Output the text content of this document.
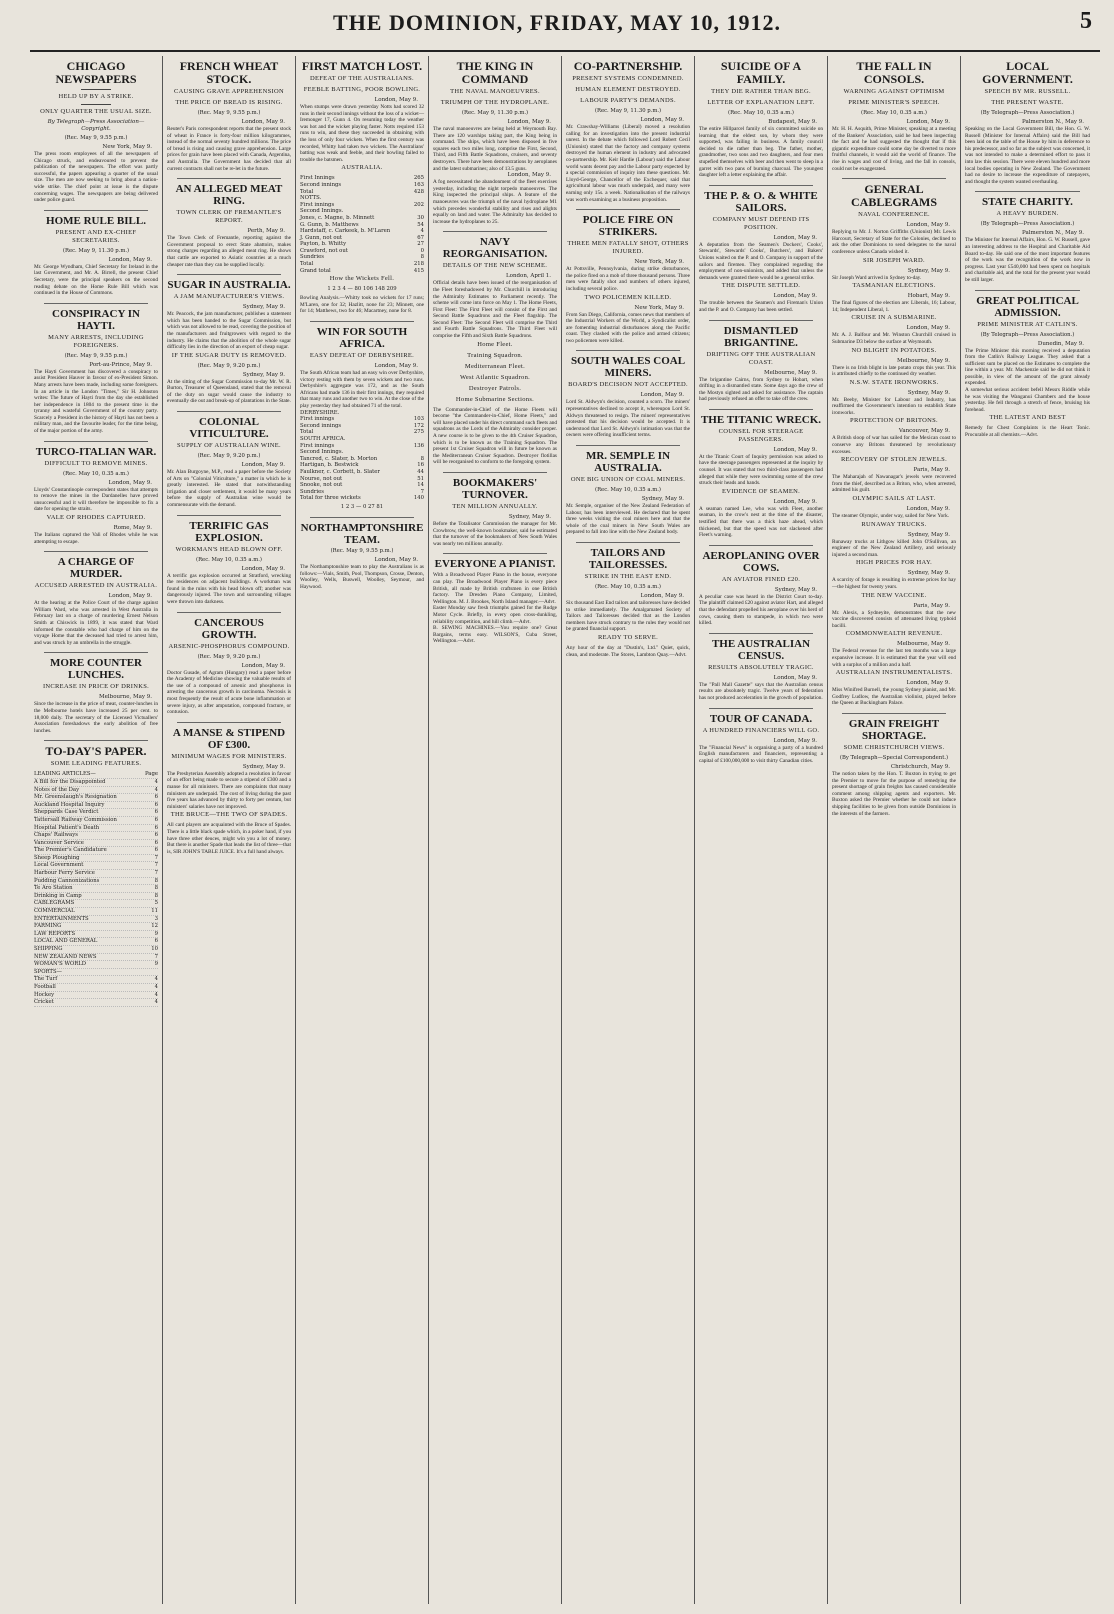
THE DOMINION, FRIDAY, MAY 10, 1912.	5
CHICAGO NEWSPAPERS
HELD UP BY A STRIKE.
ONLY QUARTER THE USUAL SIZE.
By Telegraph—Press Association—Copyright.
(Rec. May 9, 9.55 p.m.)
New York, May 9.

The press room employees of all the newspapers of Chicago struck, and endeavoured to prevent the publication of the newspapers. The effort was partly successful, the papers appearing a quarter of the usual size. The men are now seeking to bring about a nation-wide strike. The chief point at issue is the dispute concerning wages. The newspapers are being delivered under police guard.

HOME RULE BILL.
PRESENT AND EX-CHIEF SECRETARIES.
(Rec. May 9, 11.30 p.m.)
London, May 9.

Mr. George Wyndham, Chief Secretary for Ireland in the last Government, and Mr. A. Birrell, the present Chief Secretary, were the principal speakers on the second reading debate on the Home Rule Bill which was continued in the House of Commons.

CONSPIRACY IN HAYTI.
MANY ARRESTS, INCLUDING FOREIGNERS.
(Rec. May 9, 9.55 p.m.)
Port-au-Prince, May 9.

The Hayti Government has discovered a conspiracy to assist President Hauver in favour of ex-President Simon. Many arrests have been made, including some foreigners. In an article in the London "Times," Sir H. Johnston writes: The future of Hayti from the day she established her independence in 1804 to the present time is the tyranny and wasteful Government of the country party. Scarcely a President in the history of Hayti has not been a military man, and the favourite leader, for the time being, of the major portion of the army.

TURCO-ITALIAN WAR.
DIFFICULT TO REMOVE MINES.
(Rec. May 10, 0.35 a.m.)
London, May 9.

Lloyds' Constantinople correspondent states that attempts to remove the mines in the Dardanelles have proved unsuccessful and it will therefore be impossible to fix a date for opening the straits.

VALE OF RHODES CAPTURED.
Rome, May 9.

The Italians captured the Vali of Rhodes while he was attempting to escape.

A CHARGE OF MURDER.
ACCUSED ARRESTED IN AUSTRALIA.
London, May 9.

At the hearing at the Police Court of the charge against William Ward, who was arrested in West Australia in February last on a charge of murdering Ernest Nelson Smith at Chiswick in 1899, it was stated that Ward informed the constable who had charge of him on the voyage Home that the deceased had tried to arrest him, and was struck by an umbrella in the struggle.

MORE COUNTER LUNCHES.
INCREASE IN PRICE OF DRINKS.
Melbourne, May 9.

Since the increase in the price of meat, counter-lunches in the Melbourne hotels have increased 25 per cent. to 18,000 daily. The secretary of the Licensed Victuallers' Association foreshadows the early abolition of free lunches.

TO-DAY'S PAPER.
SOME LEADING FEATURES.
LEADING ARTICLES—	Page
A Bill for the Disappointed	4
Notes of the Day	4
Mr. Greenslaugh's Resignation	6
Auckland Hospital Inquiry	6
Sheppards Case Verdict	6
Tattersall Railway Commission	6
Hospital Patient's Death	6
Chaps' Railways	6
Vancouver Service	6
The Premier's Candidature	6
Sheep Ploughing	7
Local Government	7
Harbour Ferry Service	7
Pudding Cannonizations	8
Te Aro Station	8
Drinking in Camp	8
CABLEGRAMS	5
COMMERCIAL	11
ENTERTAINMENTS	3
FARMING	12
LAW REPORTS	9
LOCAL AND GENERAL	6
SHIPPING	10
NEW ZEALAND NEWS	7
WOMAN'S WORLD	9
SPORTS—
The Turf	4
Football	4
Hockey	4
Cricket	4
FRENCH WHEAT STOCK.
CAUSING GRAVE APPREHENSION
THE PRICE OF BREAD IS RISING.
(Rec. May 9, 9.55 p.m.)
London, May 9.

Reuter's Paris correspondent reports that the present stock of wheat in France is forty-four million kilogrammes, instead of the normal seventy hundred millions. The price of bread is rising and causing grave apprehension. Large prices for grain have been placed with Canada, Argentina, and Australia. The Government has decided that all current contracts shall not be re-let in the future.

AN ALLEGED MEAT RING.
TOWN CLERK OF FREMANTLE'S REPORT.
Perth, May 9.

The Town Clerk of Fremantle, reporting against the Government proposal to erect State abattoirs, makes strong charges regarding an alleged meat ring. He shows that cattle are exported to Asiatic countries at a much cheaper rate than they can be supplied locally.

SUGAR IN AUSTRALIA.
A JAM MANUFACTURER'S VIEWS.
Sydney, May 9.

Mr. Peacock, the jam manufacturer, publishes a statement which has been handed to the Sugar Commission, but which was not allowed to be read, covering the position of the manufacturers and fruitgrowers with regard to the industry. He claims that the abolition of the whole sugar difficulty lies in the direction of an export of cheap sugar.

IF THE SUGAR DUTY IS REMOVED.
(Rec. May 9, 9.20 p.m.)
Sydney, May 9.

At the sitting of the Sugar Commission to-day Mr. W. R. Burton, Treasurer of Queensland, stated that the removal of the duty on sugar would cause the industry to eventually die out and break-up of plantations in the State.

COLONIAL VITICULTURE.
SUPPLY OF AUSTRALIAN WINE.
(Rec. May 9, 9.20 p.m.)
London, May 9.

Mr. Alan Burgoyne, M.P., read a paper before the Society of Arts on "Colonial Viticulture," a matter in which he is greatly interested. He stated that notwithstanding irrigation and closer settlement, it would be many years before the supply of Australian wine would be commensurate with the demand.

TERRIFIC GAS EXPLOSION.
WORKMAN'S HEAD BLOWN OFF.
(Rec. May 10, 0.35 a.m.)
London, May 9.

A terrific gas explosion occurred at Stratford, wrecking the residences on adjacent buildings. A workman was found in the ruins with his head blown off; another was dangerously injured. The town and surrounding villages were thrown into darkness.

CANCEROUS GROWTH.
ARSENIC-PHOSPHORUS COMPOUND.
(Rec. May 9, 9.20 p.m.)
London, May 9.

Doctor Gusade, of Agram (Hungary) read a paper before the Academy of Medicine showing the valuable results of the use of a compound of arsenic and phosphorus in arresting the cancerous growth in carcinoma. Necrosis is most frequently the result of acute bone inflammation or severe injury, as after amputation, compound fracture, or contusion.

A MANSE & STIPEND OF £300.
MINIMUM WAGES FOR MINISTERS.
Sydney, May 9.

The Presbyterian Assembly adopted a resolution in favour of an effort being made to secure a stipend of £300 and a manse for all ministers. There are complaints that many ministers are underpaid. The cost of living during the past five years has advanced by thirty to forty per centum, but ministers' salaries have not improved.

THE BRUCE—THE TWO OF SPADES.

All card players are acquainted with the Bruce of Spades. There is a little black spade which, in a poker hand, if you have three other deuces, might win you a lot of money. But there is another Spade that leads the list of three—that is, SIR JOHN'S TABLE JUICE. It's a full hand always.

FIRST MATCH LOST.
DEFEAT OF THE AUSTRALIANS.
FEEBLE BATTING, POOR BOWLING.
London, May 9.

When stumps were drawn yesterday Notts had scored 32 runs in their second innings without the loss of a wicket—Iremonger 17, Gunn 4. On resuming today the weather was hot and the wicket playing faster. Notts required 153 runs to win, and these they succeeded in obtaining with the loss of only four wickets. When the first century was recorded, Whitty had taken two wickets. The Australians' batting was weak and feeble, and their bowling failed to trouble the batsmen.

AUSTRALIA.
First Innings	265
Second innings	163
Total	428
NOTTS.	
First innings	202
Second Innings.	
Jones, c. Magne, b. Minnett	30
G. Gunn, b. Matthews	54
Hardstaff, c. Carkeek, b. M'Laren	4
J. Gunn, not out	67
Payton, b. Whitty	27
Crawford, not out	0
Sundries	8
Total	218
Grand total	415
How the Wickets Fell.
1 2 3 4 — 80 106 148 209

Bowling Analysis.—Whitty took no wickets for 17 runs; M'Laren, one for 32; Hazlitt, none for 23; Minnett, one for 14; Matthews, two for 46; Macartney, none for 8.

WIN FOR SOUTH AFRICA.
EASY DEFEAT OF DERBYSHIRE.
London, May 9.

The South African team had an easy win over Derbyshire, victory resting with them by seven wickets and two runs. Derbyshire's aggregate was 172, and as the South Africans had made 136 in their first innings, they required that many runs and another two to win. At the close of the play yesterday they had obtained 71 of the total.

DERBYSHIRE.	
First innings	103
Second innings	172
Total	275
SOUTH AFRICA.	
First innings	136
Second Innings.	
Tancred, c. Slater, b. Morton	8
Hartigan, b. Bestwick	16
Faulkner, c. Corbett, b. Slater	44
Nourse, not out	51
Snooke, not out	14
Sundries	7
Total for three wickets	140
1 2 3 — 0 27 81
NORTHAMPTONSHIRE TEAM.
(Rec. May 9, 9.55 p.m.)
London, May 9.

The Northamptonshire team to play the Australians is as follows:—Vials, Smith, Pool, Thompson, Crosse, Denton, Woolley, Wells, Buswell, Woolley, Seymour, and Haywood.

THE KING IN COMMAND
THE NAVAL MANOEUVRES.
TRIUMPH OF THE HYDROPLANE.
(Rec. May 9, 11.30 p.m.)
London, May 9.

The naval manoeuvres are being held at Weymouth Bay. There are 120 warships taking part, the King being in command. The ships, which have been disposed in five squares each two miles long, comprise the First, Second, Third, and Fifth Battle Squadrons, cruisers, and seventy destroyers. There have been demonstrations by aeroplanes and the latest submarines; also of 13.5 guns.

London, May 9.

A fog necessitated the abandonment of the fleet exercises yesterday, including the night torpedo manoeuvres. The King inspected the principal ships. A feature of the manoeuvres was the triumph of the naval hydroplane M1 which precedes wonderful stability and rises and alights equally on land and water. The Admiralty has decided to increase the hydroplanes to 25.

NAVY REORGANISATION.
DETAILS OF THE NEW SCHEME.
London, April 1.

Official details have been issued of the reorganisation of the Fleet foreshadowed by Mr. Churchill in introducing the Admiralty Estimates to Parliament recently. The scheme will come into force on May 1. The Home Fleets, First Fleet: The First Fleet will consist of the First and Second Battle Squadrons and the Fleet flagship. The Second Fleet: The Second Fleet will comprise the Third and Fourth Battle Squadrons. The Third Fleet will comprise the Fifth and Sixth Battle Squadrons.

Home Fleet.
Training Squadron.
Mediterranean Fleet.
West Atlantic Squadron.
Destroyer Patrols.
Home Submarine Sections.

The Commander-in-Chief of the Home Fleets will become "the Commander-in-Chief, Home Fleets," and will have placed under his direct command such fleets and squadrons as the Lords of the Admiralty consider proper. A new course is to be given to the 4th Cruiser Squadron, which is to be known as the Training Squadron. The present 1st Cruiser Squadron will in future be known as the Mediterranean Cruiser Squadron. Destroyer flotillas will be reorganised to conform to the foregoing system.

BOOKMAKERS' TURNOVER.
TEN MILLION ANNUALLY.
Sydney, May 9.

Before the Totalisator Commission the manager for Mr. Crowbrow, the well-known bookmaker, said he estimated that the turnover of the bookmakers of New South Wales was nearly ten millions annually.

EVERYONE A PIANIST.

With a Broadwood Player Piano in the house, everyone can play. The Broadwood Player Piano is every piece British, all made by British craftsmen in one British factory. The Dresden Piano Company, Limited, Wellington. M. J. Brookes, North Island manager.—Advt.

Easter Monday saw fresh triumphs gained for the Rudge Motor Cycle. Briefly, in every open cross-dunkling, reliability competition, and hill climb.—Advt.

B. SEWING MACHINES.—You require one? Great Bargains, terms easy. WILSON'S, Cuba Street, Wellington.—Advt.

CO-PARTNERSHIP.
PRESENT SYSTEMS CONDEMNED.
HUMAN ELEMENT DESTROYED.
LABOUR PARTY'S DEMANDS.
(Rec. May 9, 11.30 p.m.)
London, May 9.

Mr. Crawshay-Williams (Liberal) moved a resolution calling for an investigation into the present industrial unrest. In the debate which followed Lord Robert Cecil (Unionist) stated that the factory and company systems destroyed the human element in industry and advocated co-partnership. Mr. Keir Hardie (Labour) said the Labour world wants decent pay and the Labour party expected by a special commission of inquiry into these questions. Mr. Lloyd-George, Chancellor of the Exchequer, said that agricultural labour was much underpaid, and many were earning only 15s. a week. Nationalisation of the railways was worth examining as a business proposition.

POLICE FIRE ON STRIKERS.
THREE MEN FATALLY SHOT, OTHERS INJURED.
New York, May 9.

At Pottsville, Pennsylvania, during strike disturbances, the police fired on a mob of three thousand persons. Three men were fatally shot and numbers of others injured, including several police.

TWO POLICEMEN KILLED.
New York, May 9.

From San Diego, California, comes news that members of the Industrial Workers of the World, a Syndicalist order, are fomenting industrial disturbances along the Pacific coast. They clashed with the police and armed citizens; two policemen were killed.

SOUTH WALES COAL MINERS.
BOARD'S DECISION NOT ACCEPTED.
London, May 9.

Lord St. Aldwyn's decision, counted a scorn. The miners' representatives declined to accept it, whereupon Lord St. Aldwyn threatened to resign. The miners' representatives protested that his decision would be accepted. It is understood that Lord St. Aldwyn's intimation was that the owners were offering insufficient terms.

MR. SEMPLE IN AUSTRALIA.
ONE BIG UNION OF COAL MINERS.
(Rec. May 10, 0.35 a.m.)
Sydney, May 9.

Mr. Semple, organiser of the New Zealand Federation of Labour, has been interviewed. He declared that he spent three weeks visiting the coal miners here and that the whole of the coal miners in New South Wales are prepared to fall into line with the New Zealand body.

TAILORS AND TAILORESSES.
STRIKE IN THE EAST END.
(Rec. May 10, 0.35 a.m.)
London, May 9.

Six thousand East End tailors and tailoresses have decided to strike immediately. The Amalgamated Society of Tailors and Tailoresses decided that as the London members have struck contrary to the rules they would not be granted financial support.

READY TO SERVE.

Any hour of the day at "Dustin's, Ltd." Quiet, quick, clean, and moderate. The Stores, Lambton Quay.—Advt.

SUICIDE OF A FAMILY.
THEY DIE RATHER THAN BEG.
LETTER OF EXPLANATION LEFT.
(Rec. May 10, 0.35 a.m.)
Budapest, May 9.

The entire Hillparcel family of six committed suicide on learning that the eldest son, by whom they were supported, was failing in business. A family council decided to die rather than beg. The father, mother, grandmother, two sons and two daughters, and four men stupefied themselves with beer and then went to sleep in a garret with two pans of burning charcoal. The youngest daughter left a letter explaining the affair.

THE P. & O. & WHITE SAILORS.
COMPANY MUST DEFEND ITS POSITION.
London, May 9.

A deputation from the Seamen's Dockers', Cooks', Stewards', Stewards' Cooks', Butchers', and Bakers' Unions waited on the P. and O. Company in support of the sailors and firemen. They complained regarding the employment of non-unionists, and added that unless the demands were granted there would be a general strike.

THE DISPUTE SETTLED.
London, May 9.

The trouble between the Seamen's and Fireman's Union and the P. and O. Company has been settled.

DISMANTLED BRIGANTINE.
DRIFTING OFF THE AUSTRALIAN COAST.
Melbourne, May 9.

The brigantine Cairns, from Sydney to Hobart, when drifting in a dismantled state. Some days ago the crew of the Mostyn sighted and asked for assistance. The captain had previously refused an offer to take off the crew.

THE TITANIC WRECK.
COUNSEL FOR STEERAGE PASSENGERS.
London, May 9.

At the Titanic Court of Inquiry permission was asked to have the steerage passengers represented at the inquiry by counsel. It was stated that two third-class passengers had alleged that while they were swimming some of the crew struck their heads and hands.

EVIDENCE OF SEAMEN.
London, May 9.

A seaman named Lee, who was with Fleet, another seaman, in the crow's nest at the time of the disaster, testified that there was a thick haze ahead, which thickened, but that the speed was not slackened after Fleet's warning.

AEROPLANING OVER COWS.
AN AVIATOR FINED £20.
Sydney, May 9.

A peculiar case was heard in the District Court to-day. The plaintiff claimed £20 against aviator Hart, and alleged that the defendant propelled his aeroplane over his herd of cows, causing them to stampede, in which two were killed.

THE AUSTRALIAN CENSUS.
RESULTS ABSOLUTELY TRAGIC.
London, May 9.

The "Pall Mall Gazette" says that the Australian census results are absolutely tragic. Twelve years of federation has not produced acceleration in the growth of population.

TOUR OF CANADA.
A HUNDRED FINANCIERS WILL GO.
London, May 9.

The "Financial News" is organising a party of a hundred English manufacturers and financiers, representing a capital of £100,000,000 to visit thirty Canadian cities.

THE FALL IN CONSOLS.
WARNING AGAINST OPTIMISM
PRIME MINISTER'S SPEECH.
(Rec. May 10, 0.35 a.m.)
London, May 9.

Mr. H. H. Asquith, Prime Minister, speaking at a meeting of the Bankers' Association, said he had been inspecting the fact and he had suggested the thought that if this gigantic expenditure could some day be diverted to more fruitful channels, it would aid the world of finance. The rise in wages and cost of living, and the fall in consols, could not be exaggerated.

GENERAL CABLEGRAMS
NAVAL CONFERENCE.
London, May 9.

Replying to Mr. J. Norton Griffiths (Unionist) Mr. Lewis Harcourt, Secretary of State for the Colonies, declined to ask the other Dominions to send delegates to the naval conference unless Canada wished it.

SIR JOSEPH WARD.
Sydney, May 9.

Sir Joseph Ward arrived in Sydney to-day.

TASMANIAN ELECTIONS.
Hobart, May 9.

The final figures of the election are: Liberals, 16; Labour, 14; Independent Liberal, 1.

CRUISE IN A SUBMARINE.
London, May 9.

Mr. A. J. Balfour and Mr. Winston Churchill cruised in Submarine D3 below the surface at Weymouth.

NO BLIGHT IN POTATOES.
Melbourne, May 9.

There is no Irish blight in late potato crops this year. This is attributed chiefly to the continued dry weather.

N.S.W. STATE IRONWORKS.
Sydney, May 9.

Mr. Beeby, Minister for Labour and Industry, has reaffirmed the Government's intention to establish State ironworks.

PROTECTION OF BRITONS.
Vancouver, May 9.

A British sloop of war has sailed for the Mexican coast to conserve any Britons threatened by revolutionary excesses.

RECOVERY OF STOLEN JEWELS.
Paris, May 9.

The Maharajah of Nawanagar's jewels were recovered from the thief, described as a Briton, who, when arrested, admitted his guilt.

OLYMPIC SAILS AT LAST.
London, May 9.

The steamer Olympic, under way, sailed for New York.

RUNAWAY TRUCKS.
Sydney, May 9.

Runaway trucks at Lithgow killed John O'Sullivan, an engineer of the New Zealand Artillery, and seriously injured a second man.

HIGH PRICES FOR HAY.
Sydney, May 9.

A scarcity of forage is resulting in extreme prices for hay—the highest for twenty years.

THE NEW VACCINE.
Paris, May 9.

Mr. Alexis, a Sydneyite, demonstrates that the new vaccine discovered consists of attenuated living typhoid bacilli.

COMMONWEALTH REVENUE.
Melbourne, May 9.

The Federal revenue for the last ten months was a large expansive increase. It is estimated that the year will end with a surplus of a million and a half.

AUSTRALIAN INSTRUMENTALISTS.
London, May 9.

Miss Winifred Burnell, the young Sydney pianist, and Mr. Godfrey Ludlow, the Australian violinist, played before the Queen at Buckingham Palace.

GRAIN FREIGHT SHORTAGE.
SOME CHRISTCHURCH VIEWS.
(By Telegraph—Special Correspondent.)
Christchurch, May 9.

The notion taken by the Hon. T. Buxton in trying to get the Premier to move for the purpose of remedying the present shortage of grain freights has caused considerable comment among shipping agents and exporters. Mr. Buxton asked the Premier whether he could not induce shipping facilities to be given from outside Dominions in the interests of the farmers.

LOCAL GOVERNMENT.
SPEECH BY MR. RUSSELL.
THE PRESENT WASTE.
(By Telegraph—Press Association.)
Palmerston N., May 9.

Speaking on the Local Government Bill, the Hon. G. W. Russell (Minister for Internal Affairs) said the Bill had been laid on the table of the House by him in deference to his predecessor, and so far as the subject was concerned, it was not intended to make a determined effort to pass it into law this session. There were eleven hundred and more local bodies operating in New Zealand. The Government had no desire to increase the expenditure of ratepayers, and thought the system wanted overhauling.

STATE CHARITY.
A HEAVY BURDEN.
(By Telegraph—Press Association.)
Palmerston N., May 9.

The Minister for Internal Affairs, Hon. G. W. Russell, gave an interesting address to the Hospital and Charitable Aid Board to-day. He said one of the most important features of the work was the recognition of the work now in progress. Last year £540,000 had been spent on hospitals and charitable aid, and the total for the present year would be still larger.

GREAT POLITICAL ADMISSION.
PRIME MINISTER AT CATLIN'S.
(By Telegraph—Press Association.)
Dunedin, May 9.

The Prime Minister this morning received a deputation from the Catlin's Railway League. They asked that a sufficient sum be placed on the Estimates to complete the line within a year. Mr. Mackenzie said he did not think it possible, in view of the amount of the grant already expended.

A somewhat serious accident befell Messrs Riddle while he was visiting the Wanganui Chambers and the house yesterday. He fell through a stretch of fence, bruising his forehead.

THE LATEST AND BEST

Remedy for Chest Complaints is the Heart Tonic. Procurable at all chemists.—Advt.
